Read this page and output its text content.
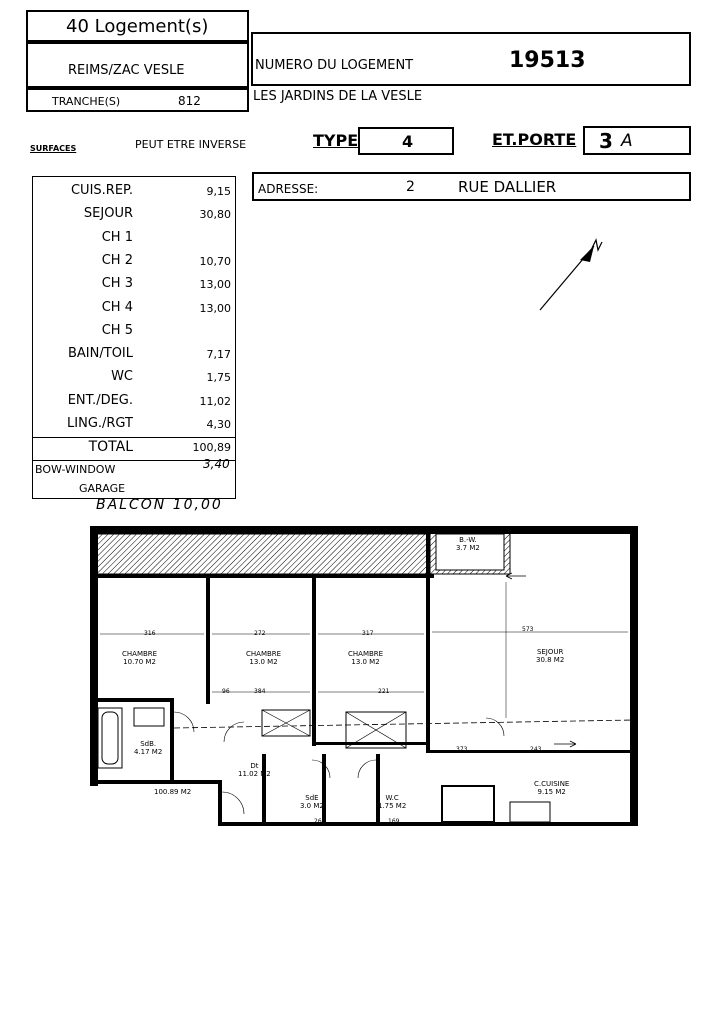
40 Logement(s)
REIMS/ZAC VESLE
TRANCHE(S)	812
NUMERO DU LOGEMENT	19513
LES JARDINS DE LA VESLE
SURFACES	PEUT ETRE INVERSE	TYPE	4	ET.PORTE 3 A
ADRESSE:	2	RUE DALLIER
CUIS.REP.	9,15
SEJOUR	30,80
CH 1
CH 2	10,70
CH 3	13,00
CH 4	13,00
CH 5
BAIN/TOIL	7,17
WC	1,75
ENT./DEG.	11,02
LING./RGT	4,30
TOTAL	100,89
BOW-WINDOW	3,40
GARAGE
BALCON 10,00
CHAMBRE
10.70 M2
CHAMBRE
13.0 M2
CHAMBRE
13.0 M2
SEJOUR
30.8 M2
C.CUISINE
9.15 M2
SdB.
4.17 M2
SdE
3.0 M2
W.C
1.75 M2
B.-W.
3.7 M2
Dt
11.02 M2
100.89 M2
316	272	317
573
384	221
373	243
265	169
96
